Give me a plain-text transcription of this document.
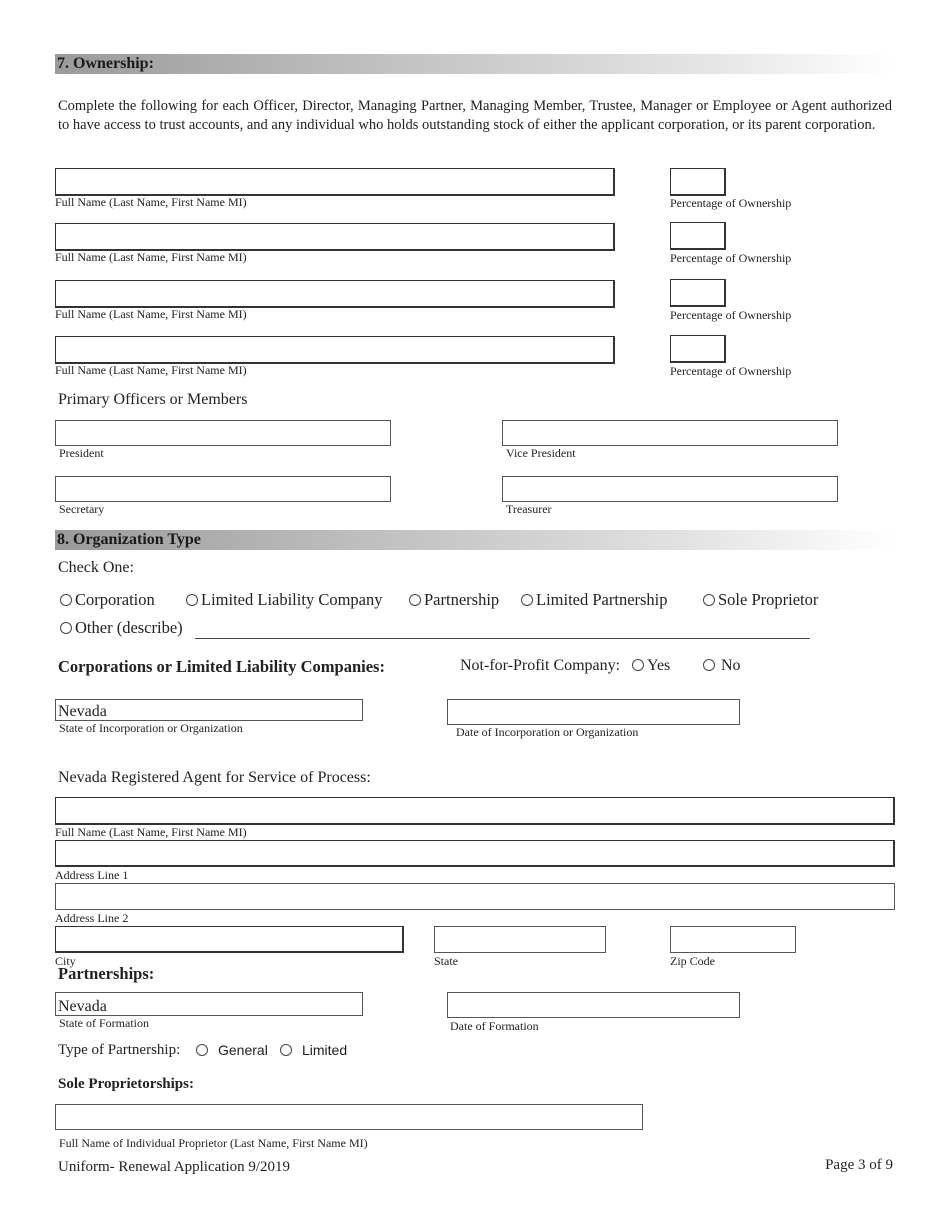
7. Ownership:
Complete the following for each Officer, Director, Managing Partner, Managing Member, Trustee, Manager or Employee or Agent authorized to have access to trust accounts, and any individual who holds outstanding stock of either the applicant corporation, or its parent corporation.
Full Name (Last Name, First Name MI)	Percentage of Ownership
Full Name (Last Name, First Name MI)	Percentage of Ownership
Full Name (Last Name, First Name MI)	Percentage of Ownership
Full Name (Last Name, First Name MI)	Percentage of Ownership
Primary Officers or Members
President	Vice President
Secretary	Treasurer
8. Organization Type
Check One:
Corporation	Limited Liability Company	Partnership	Limited Partnership	Sole Proprietor
Other (describe)
Corporations or Limited Liability Companies:	Not-for-Profit Company:	Yes	No
Nevada
State of Incorporation or Organization	Date of Incorporation or Organization
Nevada Registered Agent for Service of Process:
Full Name (Last Name, First Name MI)
Address Line 1
Address Line 2
City	State	Zip Code
Partnerships:
Nevada
State of Formation	Date of Formation
Type of Partnership:	General	Limited
Sole Proprietorships:
Full Name of Individual Proprietor (Last Name, First Name MI)
Uniform- Renewal Application 9/2019	Page 3 of 9
